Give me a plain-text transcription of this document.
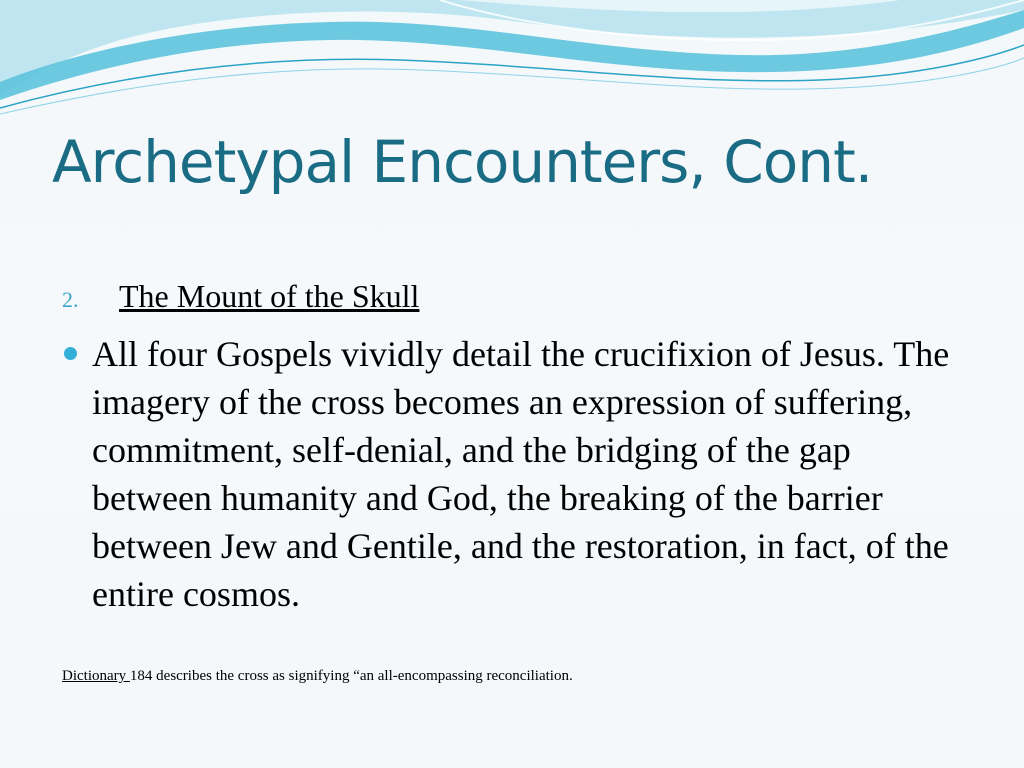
Archetypal Encounters, Cont.
2. The Mount of the Skull
All four Gospels vividly detail the crucifixion of Jesus. The imagery of the cross becomes an expression of suffering, commitment, self-denial, and the bridging of the gap between humanity and God, the breaking of the barrier between Jew and Gentile, and the restoration, in fact, of the entire cosmos.
Dictionary 184 describes the cross as signifying “an all-encompassing reconciliation.
